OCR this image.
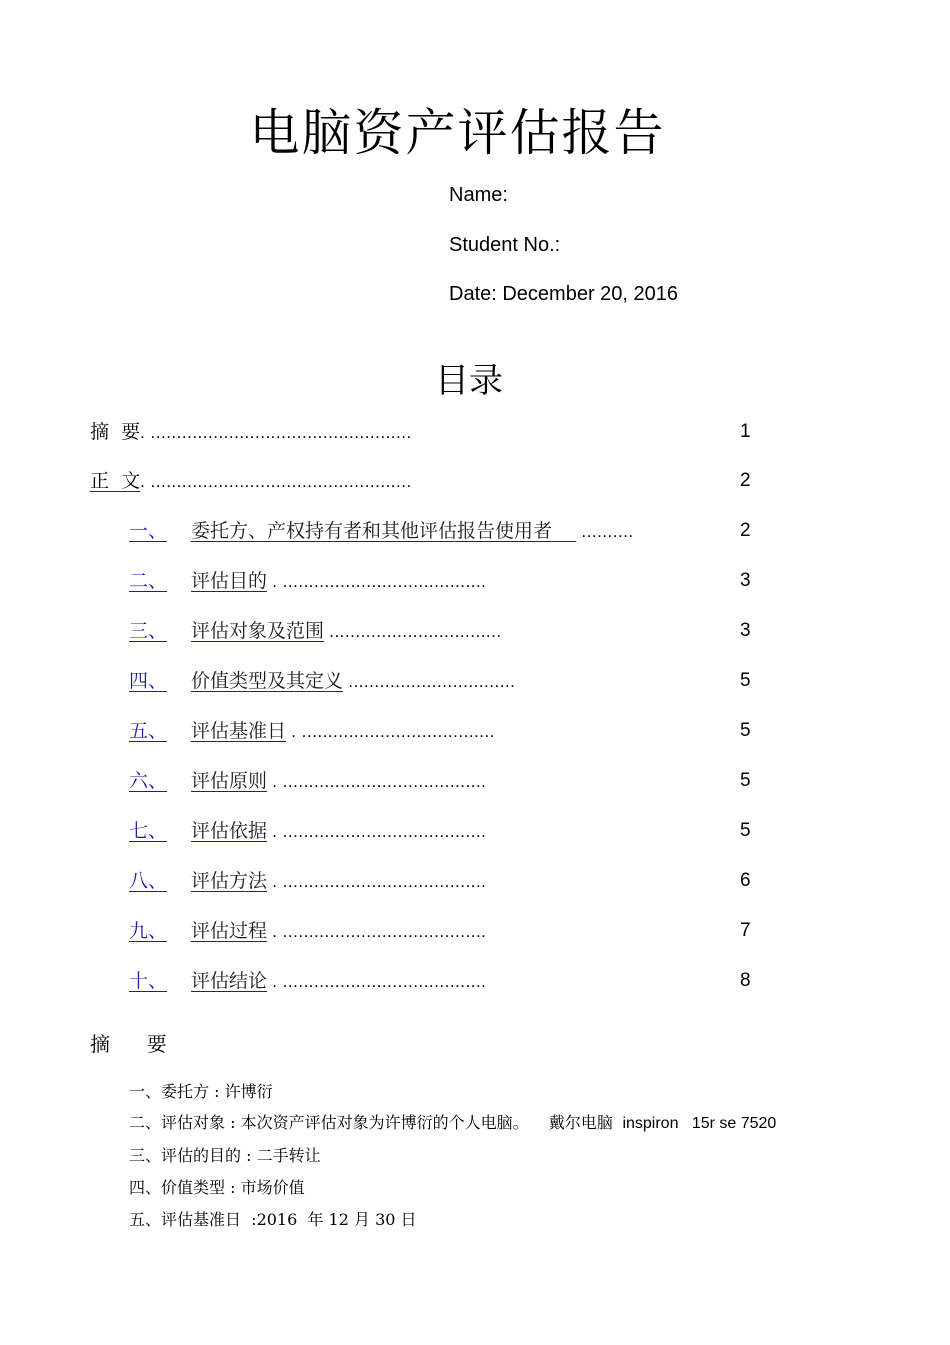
电脑资产评估报告
Name:
Student No.:
Date: December 20, 2016
目录
摘  要. ..................................................	1
正  文. ..................................................	2
一、	委托方、产权持有者和其他评估报告使用者     ..........	2
二、	评估目的 . .......................................	3
三、	评估对象及范围 .................................	3
四、	价值类型及其定义 ................................	5
五、	评估基准日 . .....................................	5
六、	评估原则 . .......................................	5
七、	评估依据 . .......................................	5
八、	评估方法 . .......................................	6
九、	评估过程 . .......................................	7
十、	评估结论 . .......................................	8
摘  要
一、委托方 : 许博衍
二、评估对象 : 本次资产评估对象为许博衍的个人电脑。    戴尔电脑  inspiron   15r se 7520
三、评估的目的 : 二手转让
四、价值类型 : 市场价值
五、评估基准日  :2016  年 12 月 30 日
